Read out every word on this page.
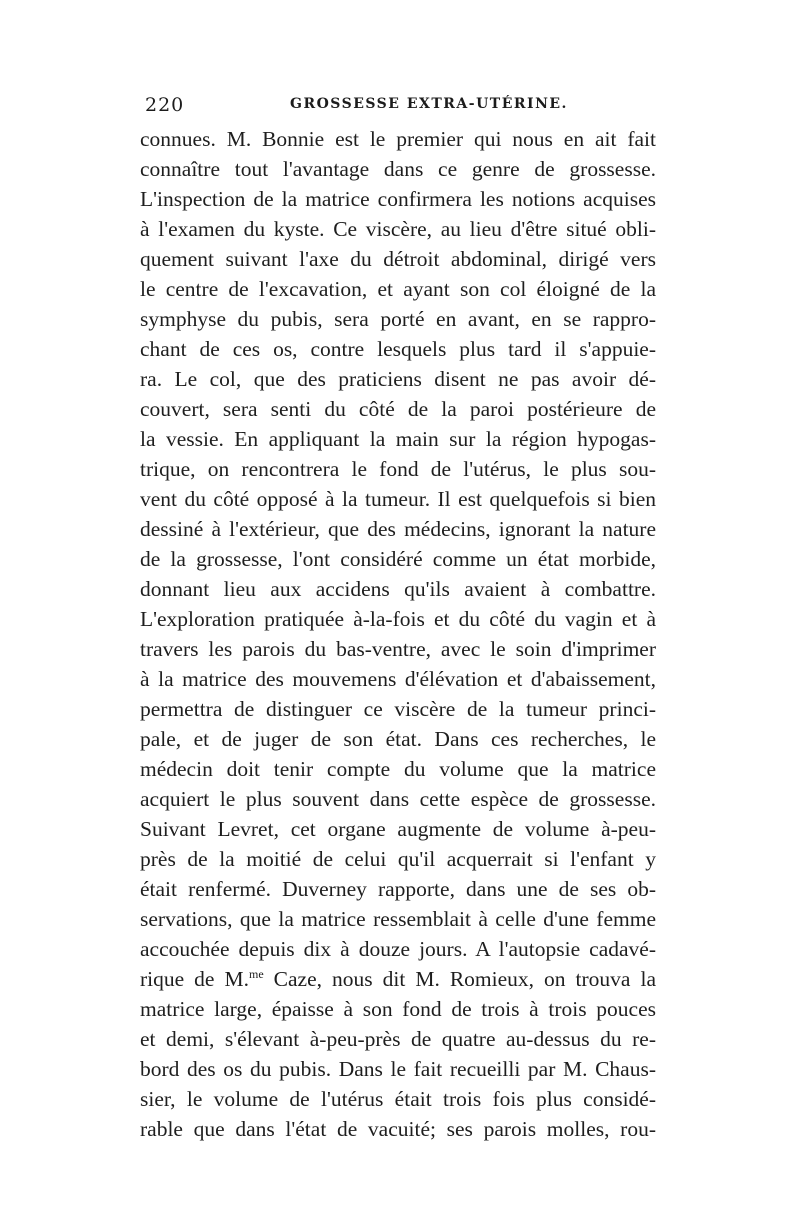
220	GROSSESSE EXTRA-UTÉRINE.
connues. M. Bonnie est le premier qui nous en ait fait
connaître tout l'avantage dans ce genre de grossesse.
L'inspection de la matrice confirmera les notions acquises
à l'examen du kyste. Ce viscère, au lieu d'être situé obli-
quement suivant l'axe du détroit abdominal, dirigé vers
le centre de l'excavation, et ayant son col éloigné de la
symphyse du pubis, sera porté en avant, en se rappro-
chant de ces os, contre lesquels plus tard il s'appuie-
ra. Le col, que des praticiens disent ne pas avoir dé-
couvert, sera senti du côté de la paroi postérieure de
la vessie. En appliquant la main sur la région hypogas-
trique, on rencontrera le fond de l'utérus, le plus sou-
vent du côté opposé à la tumeur. Il est quelquefois si bien
dessiné à l'extérieur, que des médecins, ignorant la nature
de la grossesse, l'ont considéré comme un état morbide,
donnant lieu aux accidens qu'ils avaient à combattre.
L'exploration pratiquée à-la-fois et du côté du vagin et à
travers les parois du bas-ventre, avec le soin d'imprimer
à la matrice des mouvemens d'élévation et d'abaissement,
permettra de distinguer ce viscère de la tumeur princi-
pale, et de juger de son état. Dans ces recherches, le
médecin doit tenir compte du volume que la matrice
acquiert le plus souvent dans cette espèce de grossesse.
Suivant Levret, cet organe augmente de volume à-peu-
près de la moitié de celui qu'il acquerrait si l'enfant y
était renfermé. Duverney rapporte, dans une de ses ob-
servations, que la matrice ressemblait à celle d'une femme
accouchée depuis dix à douze jours. A l'autopsie cadavé-
rique de M.$^{me}$ Caze, nous dit M. Romieux, on trouva la
matrice large, épaisse à son fond de trois à trois pouces
et demi, s'élevant à-peu-près de quatre au-dessus du re-
bord des os du pubis. Dans le fait recueilli par M. Chaus-
sier, le volume de l'utérus était trois fois plus considé-
rable que dans l'état de vacuité; ses parois molles, rou-
